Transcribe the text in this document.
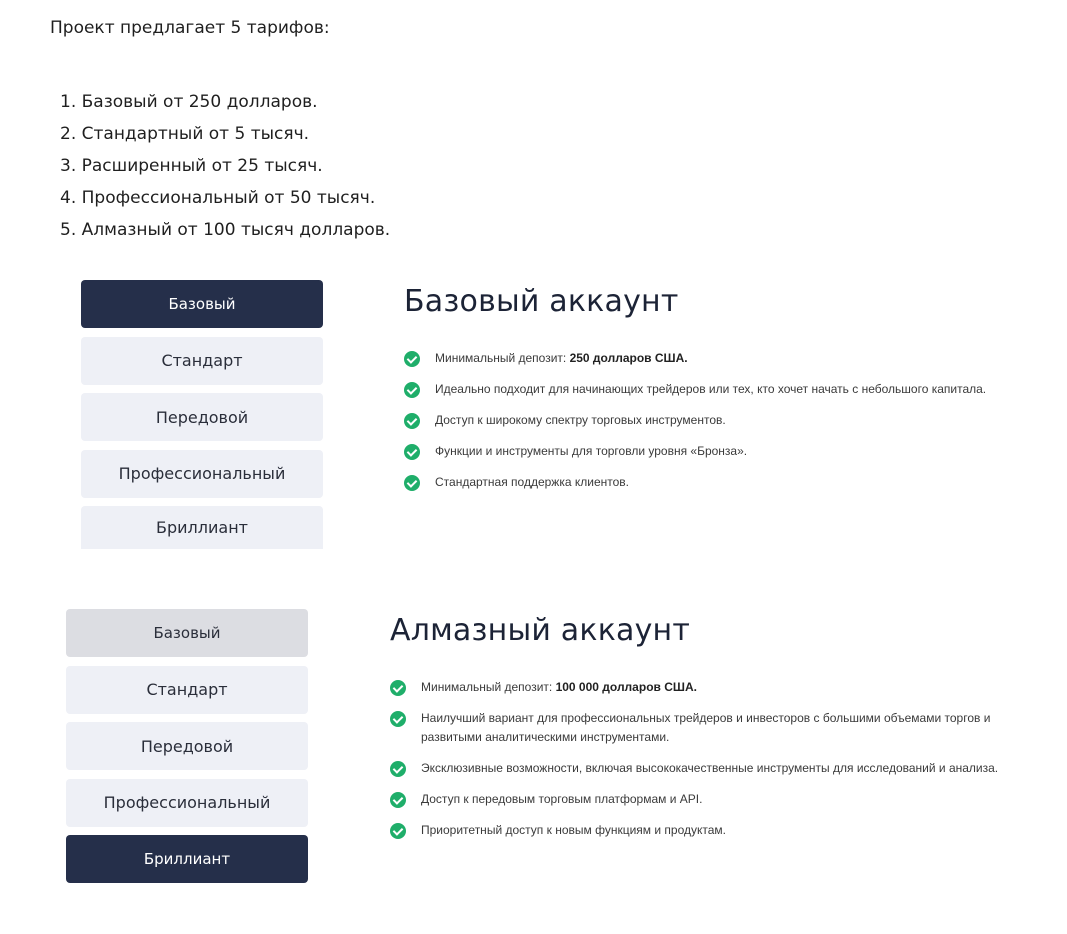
Проект предлагает 5 тарифов:
1. Базовый от 250 долларов.
2. Стандартный от 5 тысяч.
3. Расширенный от 25 тысяч.
4. Профессиональный от 50 тысяч.
5. Алмазный от 100 тысяч долларов.
Базовый
Стандарт
Передовой
Профессиональный
Бриллиант
Базовый аккаунт
Минимальный депозит: 250 долларов США.
Идеально подходит для начинающих трейдеров или тех, кто хочет начать с небольшого капитала.
Доступ к широкому спектру торговых инструментов.
Функции и инструменты для торговли уровня «Бронза».
Стандартная поддержка клиентов.
Базовый
Стандарт
Передовой
Профессиональный
Бриллиант
Алмазный аккаунт
Минимальный депозит: 100 000 долларов США.
Наилучший вариант для профессиональных трейдеров и инвесторов с большими объемами торгов и развитыми аналитическими инструментами.
Эксклюзивные возможности, включая высококачественные инструменты для исследований и анализа.
Доступ к передовым торговым платформам и API.
Приоритетный доступ к новым функциям и продуктам.
